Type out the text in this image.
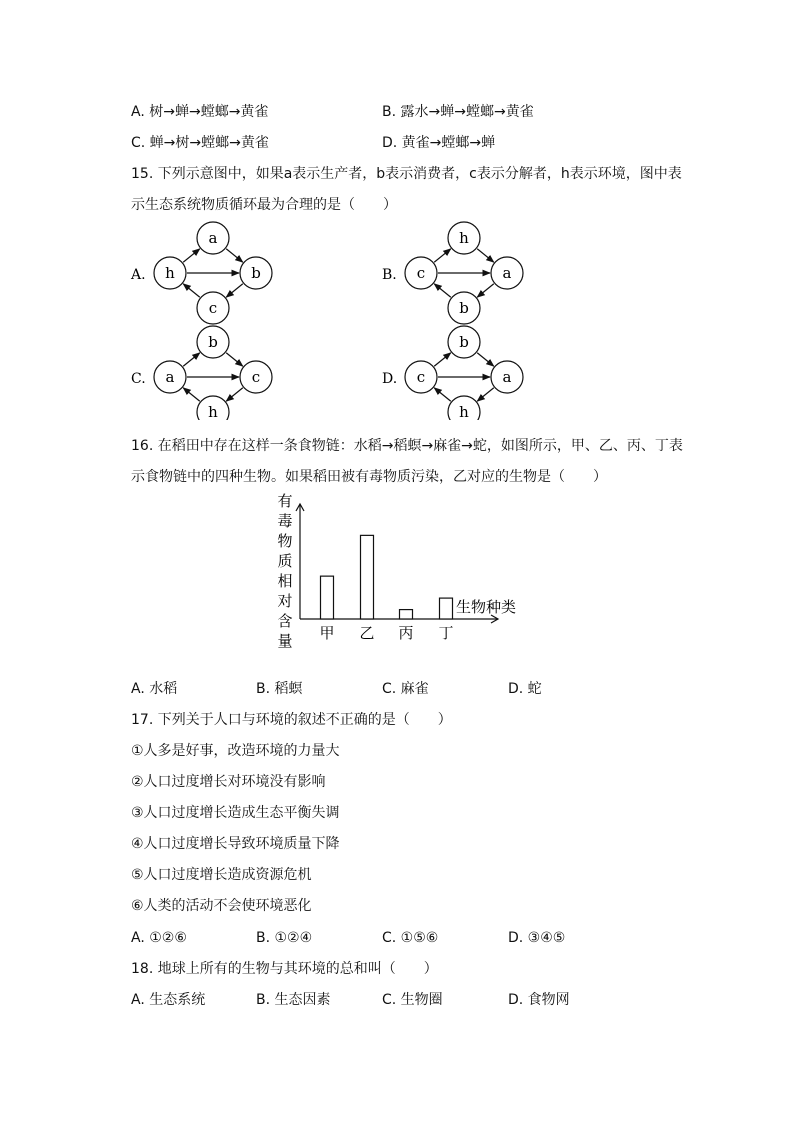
A. 树→蝉→螳螂→黄雀	B. 露水→蝉→螳螂→黄雀
C. 蝉→树→螳螂→黄雀	D. 黄雀→螳螂→蝉
15. 下列示意图中，如果a表示生产者，b表示消费者，c表示分解者，h表示环境，图中表
示生态系统物质循环最为合理的是（　　）
A. h
a
b
c
B. c
h
a
b
C. a
b
c
h
D. c
b
a
h
16. 在稻田中存在这样一条食物链：水稻→稻螟→麻雀→蛇，如图所示，甲、乙、丙、丁表
示食物链中的四种生物。如果稻田被有毒物质污染，乙对应的生物是（　　）
有
毒
物
质
相
对
含
量
生物种类
甲 乙 丙 丁
A. 水稻	B. 稻螟	C. 麻雀	D. 蛇
17. 下列关于人口与环境的叙述不正确的是（　　）
①人多是好事，改造环境的力量大
②人口过度增长对环境没有影响
③人口过度增长造成生态平衡失调
④人口过度增长导致环境质量下降
⑤人口过度增长造成资源危机
⑥人类的活动不会使环境恶化
A. ①②⑥	B. ①②④	C. ①⑤⑥	D. ③④⑤
18. 地球上所有的生物与其环境的总和叫（　　）
A. 生态系统	B. 生态因素	C. 生物圈	D. 食物网
